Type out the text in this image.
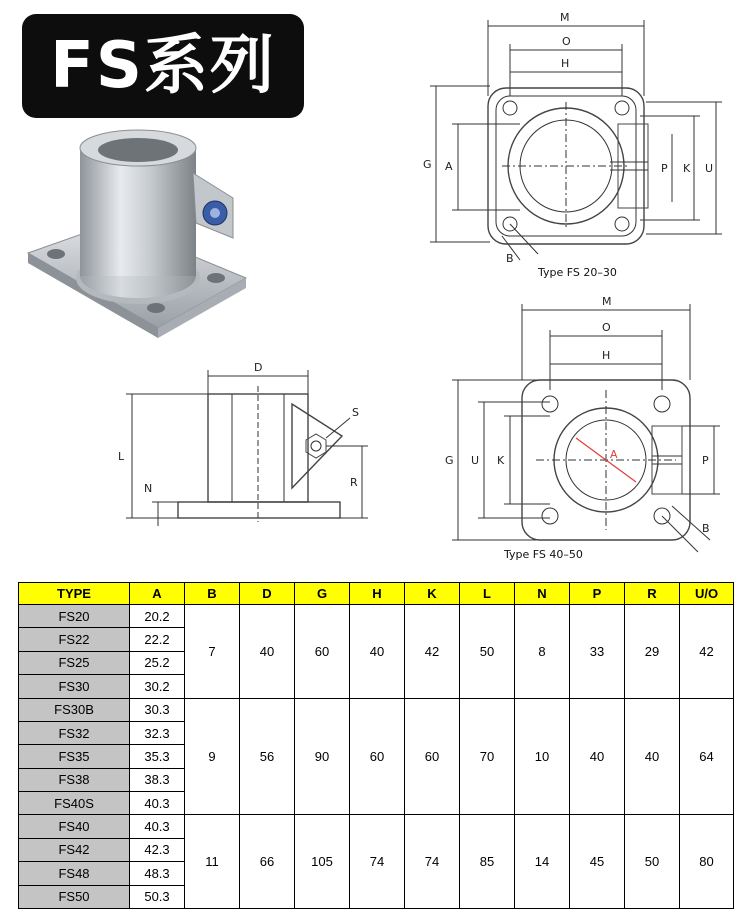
FS系列
M
O
H
G A	P K U
B
Type FS 20–30
D
S
L
N	R
M
O
H
G U K	A	P
B
Type FS 40–50
TYPE	A	B	D	G	H	K	L	N	P	R	U/O
FS20	20.2	7	40	60	40	42	50	8	33	29	42
FS22	22.2										
FS25	25.2										
FS30	30.2										
FS30B	30.3	9	56	90	60	60	70	10	40	40	64
FS32	32.3										
FS35	35.3										
FS38	38.3										
FS40S	40.3										
FS40	40.3	11	66	105	74	74	85	14	45	50	80
FS42	42.3										
FS48	48.3										
FS50	50.3										
